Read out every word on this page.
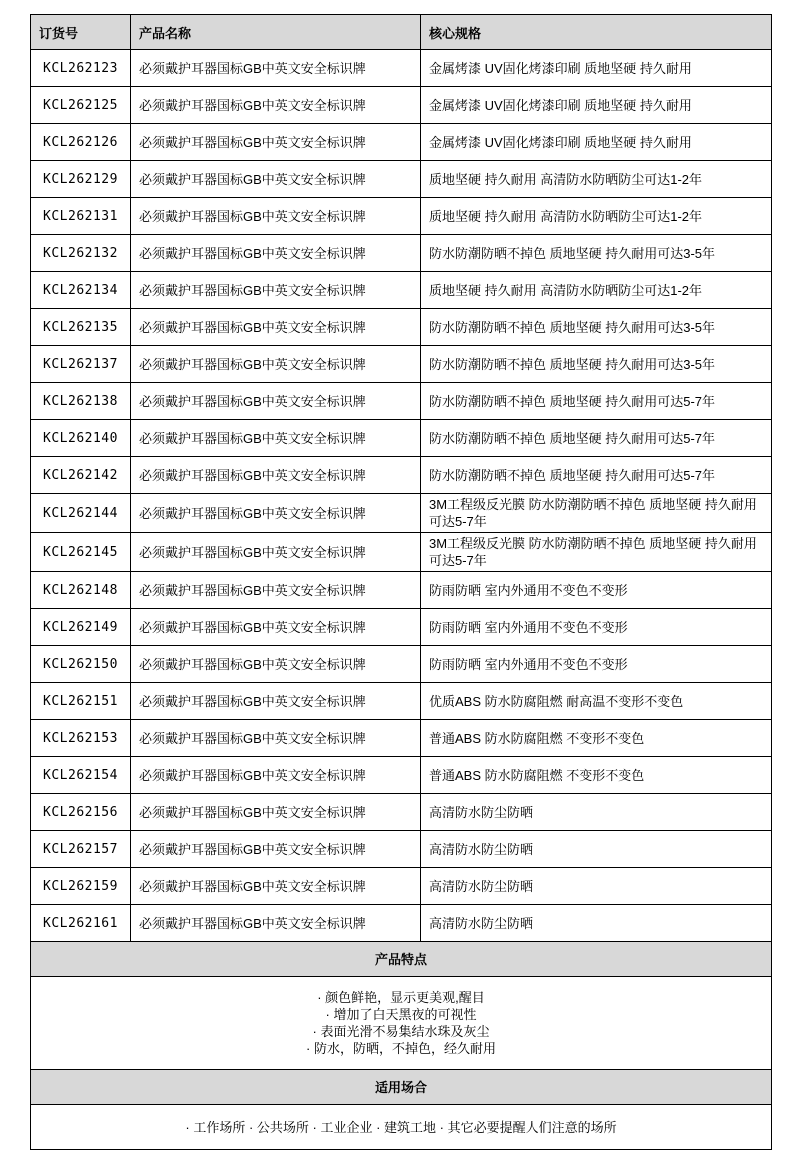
订货号	产品名称	核心规格
KCL262123	必须戴护耳器国标GB中英文安全标识牌	金属烤漆 UV固化烤漆印刷 质地坚硬 持久耐用
KCL262125	必须戴护耳器国标GB中英文安全标识牌	金属烤漆 UV固化烤漆印刷 质地坚硬 持久耐用
KCL262126	必须戴护耳器国标GB中英文安全标识牌	金属烤漆 UV固化烤漆印刷 质地坚硬 持久耐用
KCL262129	必须戴护耳器国标GB中英文安全标识牌	质地坚硬 持久耐用 高清防水防晒防尘可达1-2年
KCL262131	必须戴护耳器国标GB中英文安全标识牌	质地坚硬 持久耐用 高清防水防晒防尘可达1-2年
KCL262132	必须戴护耳器国标GB中英文安全标识牌	防水防潮防晒不掉色 质地坚硬 持久耐用可达3-5年
KCL262134	必须戴护耳器国标GB中英文安全标识牌	质地坚硬 持久耐用 高清防水防晒防尘可达1-2年
KCL262135	必须戴护耳器国标GB中英文安全标识牌	防水防潮防晒不掉色 质地坚硬 持久耐用可达3-5年
KCL262137	必须戴护耳器国标GB中英文安全标识牌	防水防潮防晒不掉色 质地坚硬 持久耐用可达3-5年
KCL262138	必须戴护耳器国标GB中英文安全标识牌	防水防潮防晒不掉色 质地坚硬 持久耐用可达5-7年
KCL262140	必须戴护耳器国标GB中英文安全标识牌	防水防潮防晒不掉色 质地坚硬 持久耐用可达5-7年
KCL262142	必须戴护耳器国标GB中英文安全标识牌	防水防潮防晒不掉色 质地坚硬 持久耐用可达5-7年
KCL262144	必须戴护耳器国标GB中英文安全标识牌	3M工程级反光膜 防水防潮防晒不掉色 质地坚硬 持久耐用可达5-7年
KCL262145	必须戴护耳器国标GB中英文安全标识牌	3M工程级反光膜 防水防潮防晒不掉色 质地坚硬 持久耐用可达5-7年
KCL262148	必须戴护耳器国标GB中英文安全标识牌	防雨防晒 室内外通用不变色不变形
KCL262149	必须戴护耳器国标GB中英文安全标识牌	防雨防晒 室内外通用不变色不变形
KCL262150	必须戴护耳器国标GB中英文安全标识牌	防雨防晒 室内外通用不变色不变形
KCL262151	必须戴护耳器国标GB中英文安全标识牌	优质ABS 防水防腐阻燃 耐高温不变形不变色
KCL262153	必须戴护耳器国标GB中英文安全标识牌	普通ABS 防水防腐阻燃 不变形不变色
KCL262154	必须戴护耳器国标GB中英文安全标识牌	普通ABS 防水防腐阻燃 不变形不变色
KCL262156	必须戴护耳器国标GB中英文安全标识牌	高清防水防尘防晒
KCL262157	必须戴护耳器国标GB中英文安全标识牌	高清防水防尘防晒
KCL262159	必须戴护耳器国标GB中英文安全标识牌	高清防水防尘防晒
KCL262161	必须戴护耳器国标GB中英文安全标识牌	高清防水防尘防晒
产品特点		

· 颜色鲜艳，显示更美观,醒目
· 增加了白天黑夜的可视性
· 表面光滑不易集结水珠及灰尘
· 防水，防晒，不掉色，经久耐用		

适用场合		
· 工作场所 · 公共场所 · 工业企业 · 建筑工地 · 其它必要提醒人们注意的场所		
